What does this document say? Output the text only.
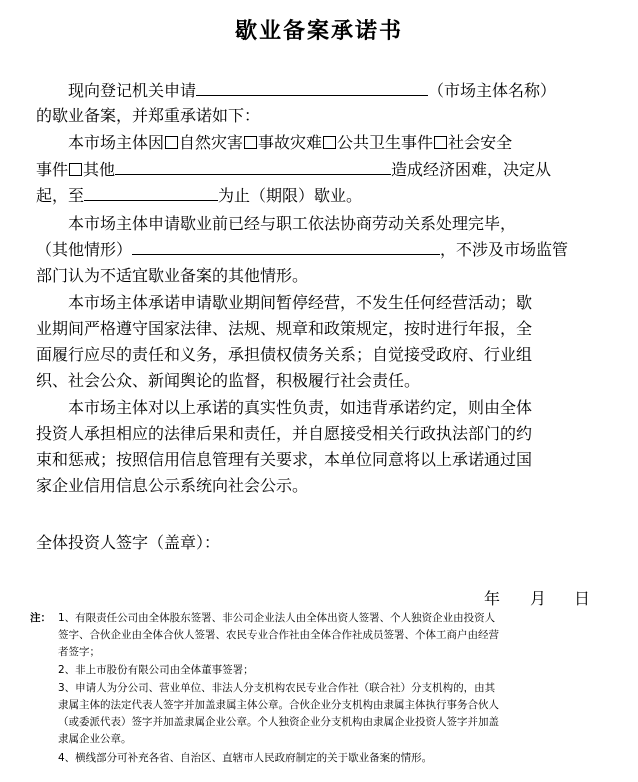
歇业备案承诺书
现向登记机关申请	（市场主体名称）
的歇业备案，并郑重承诺如下：
本市场主体因 自然灾害 事故灾难 公共卫生事件 社会安全
事件 其他	造成经济困难，决定从
起，至	为止（期限）歇业。
本市场主体申请歇业前已经与职工依法协商劳动关系处理完毕，
（其他情形）	，不涉及市场监管
部门认为不适宜歇业备案的其他情形。
本市场主体承诺申请歇业期间暂停经营，不发生任何经营活动；歇
业期间严格遵守国家法律、法规、规章和政策规定，按时进行年报，全
面履行应尽的责任和义务，承担债权债务关系；自觉接受政府、行业组
织、社会公众、新闻舆论的监督，积极履行社会责任。
本市场主体对以上承诺的真实性负责，如违背承诺约定，则由全体
投资人承担相应的法律后果和责任，并自愿接受相关行政执法部门的约
束和惩戒；按照信用信息管理有关要求，本单位同意将以上承诺通过国
家企业信用信息公示系统向社会公示。
全体投资人签字（盖章）：
年 月 日
注： 1、有限责任公司由全体股东签署、非公司企业法人由全体出资人签署、个人独资企业由投资人
签字、合伙企业由全体合伙人签署、农民专业合作社由全体合作社成员签署、个体工商户由经营
者签字；
2、非上市股份有限公司由全体董事签署；
3、申请人为分公司、营业单位、非法人分支机构农民专业合作社（联合社）分支机构的，由其
隶属主体的法定代表人签字并加盖隶属主体公章。合伙企业分支机构由隶属主体执行事务合伙人
（或委派代表）签字并加盖隶属企业公章。个人独资企业分支机构由隶属企业投资人签字并加盖
隶属企业公章。
4、横线部分可补充各省、自治区、直辖市人民政府制定的关于歇业备案的情形。
